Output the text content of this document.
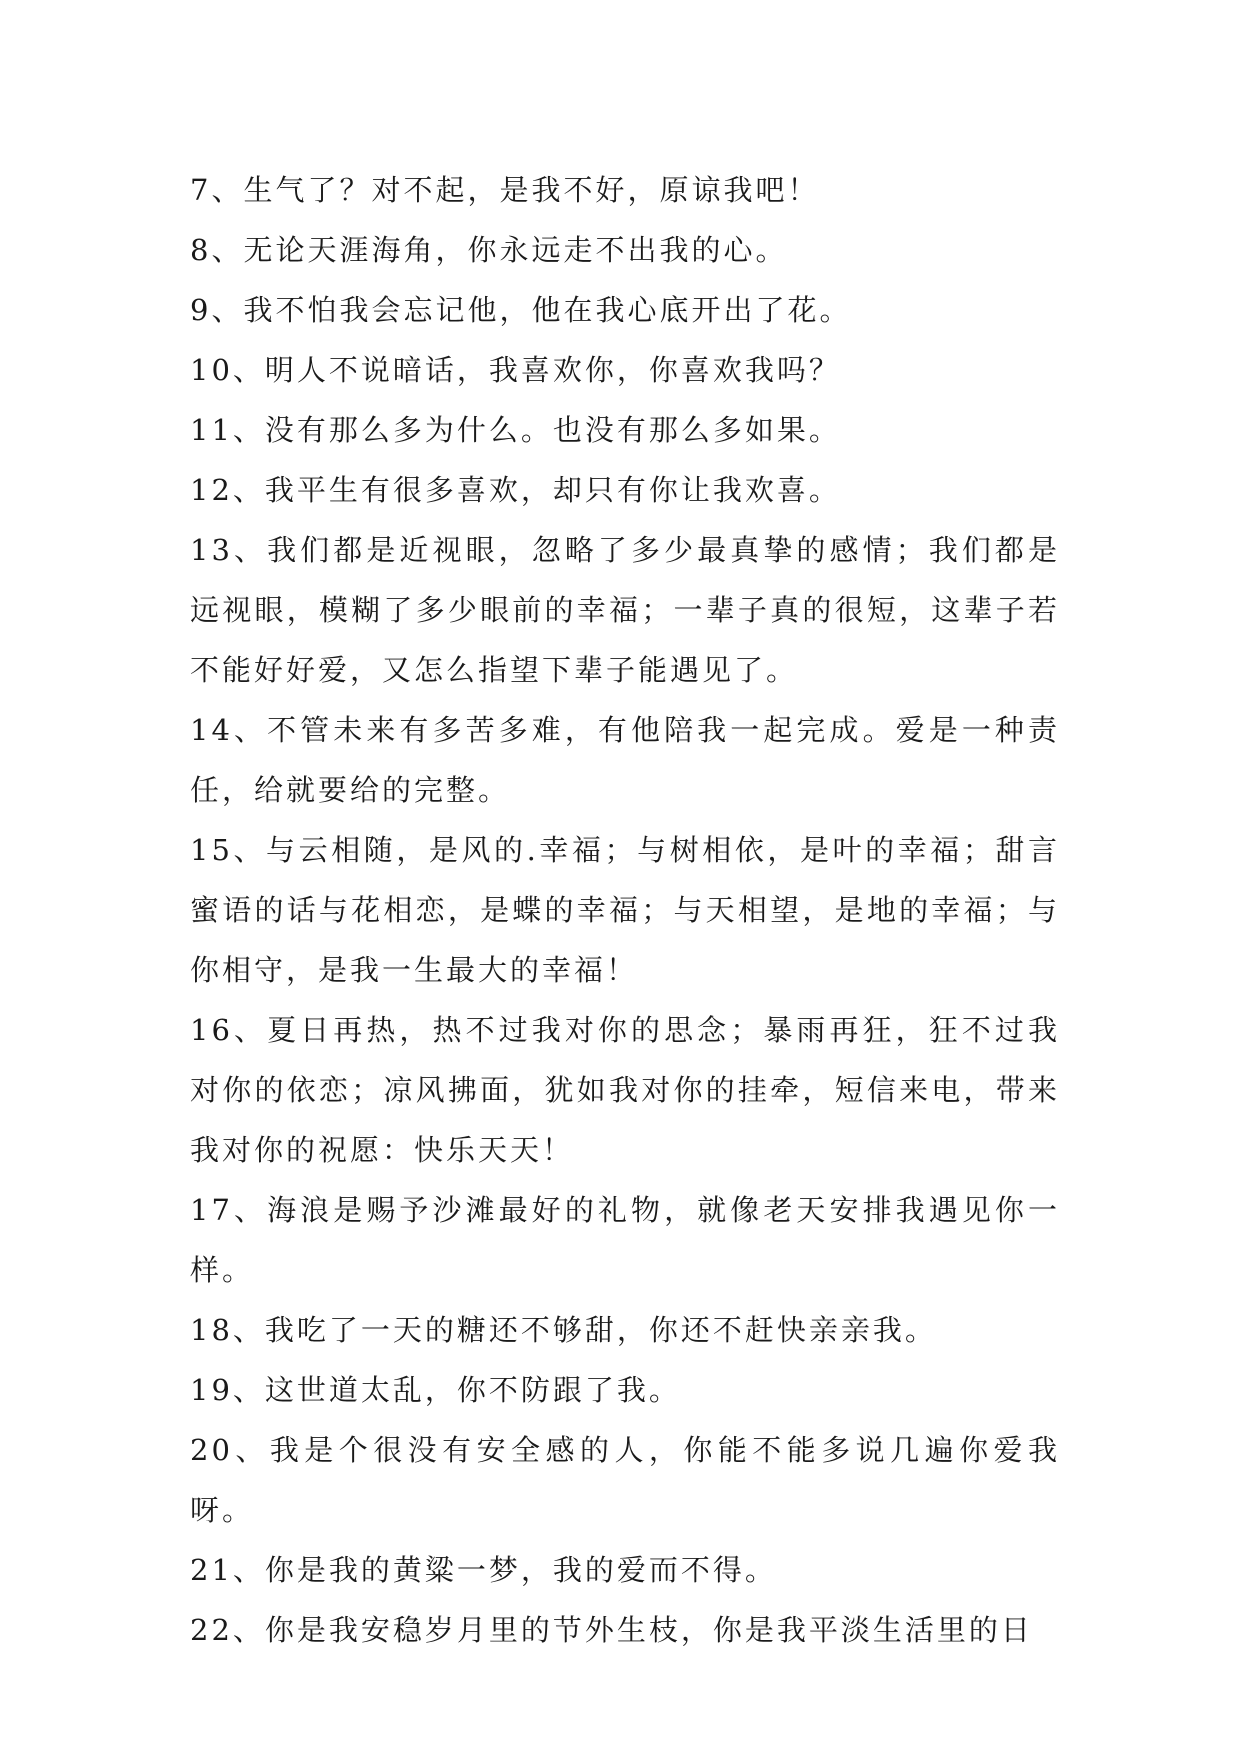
7、生气了？对不起，是我不好，原谅我吧！

8、无论天涯海角，你永远走不出我的心。

9、我不怕我会忘记他，他在我心底开出了花。

10、明人不说暗话，我喜欢你，你喜欢我吗？

11、没有那么多为什么。也没有那么多如果。

12、我平生有很多喜欢，却只有你让我欢喜。

13、我们都是近视眼，忽略了多少最真挚的感情；我们都是远视眼，模糊了多少眼前的幸福；一辈子真的很短，这辈子若不能好好爱，又怎么指望下辈子能遇见了。

14、不管未来有多苦多难，有他陪我一起完成。爱是一种责任，给就要给的完整。

15、与云相随，是风的.幸福；与树相依，是叶的幸福；甜言蜜语的话与花相恋，是蝶的幸福；与天相望，是地的幸福；与你相守，是我一生最大的幸福！

16、夏日再热，热不过我对你的思念；暴雨再狂，狂不过我对你的依恋；凉风拂面，犹如我对你的挂牵，短信来电，带来我对你的祝愿：快乐天天！

17、海浪是赐予沙滩最好的礼物，就像老天安排我遇见你一样。

18、我吃了一天的糖还不够甜，你还不赶快亲亲我。

19、这世道太乱，你不防跟了我。

20、我是个很没有安全感的人，你能不能多说几遍你爱我呀。

21、你是我的黄粱一梦，我的爱而不得。

22、你是我安稳岁月里的节外生枝，你是我平淡生活里的日
